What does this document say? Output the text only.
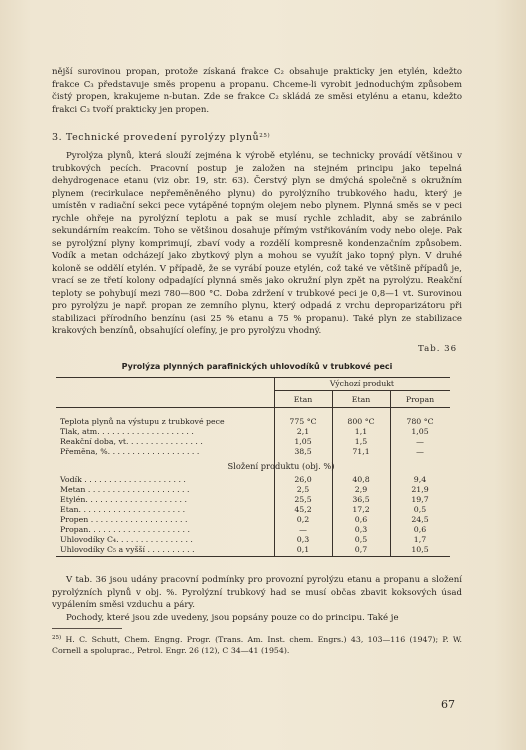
nější surovinou propan, protože získaná frakce C₂ obsahuje prakticky jen etylén, kdežto frakce C₃ představuje směs propenu a propanu. Chceme-li vyrobit jednoduchým způsobem čistý propen, krakujeme n-butan. Zde se frakce C₂ skládá ze směsi etylénu a etanu, kdežto frakci C₃ tvoří prakticky jen propen.

3. Technické provedení pyrolýzy plynů$^{25)}$

Pyrolýza plynů, která slouží zejména k výrobě etylénu, se technicky provádí většinou v trubkových pecích. Pracovní postup je založen na stejném principu jako tepelná dehydrogenace etanu (viz obr. 19, str. 63). Čerstvý plyn se dmýchá společně s okružním plynem (recirkulace nepřeměněného plynu) do pyrolýzního trubkového hadu, který je umístěn v radiační sekci pece vytápěné topným olejem nebo plynem. Plynná směs se v peci rychle ohřeje na pyrolýzní teplotu a pak se musí rychle zchladit, aby se zabránilo sekundárním reakcím. Toho se většinou dosahuje přímým vstřikováním vody nebo oleje. Pak se pyrolýzní plyny komprimují, zbaví vody a rozdělí kompresně kondenzačním způsobem. Vodík a metan odcházejí jako zbytkový plyn a mohou se využít jako topný plyn. V druhé koloně se oddělí etylén. V případě, že se vyrábí pouze etylén, což také ve většině případů je, vrací se ze třetí kolony odpadající plynná směs jako okružní plyn zpět na pyrolýzu. Reakční teploty se pohybují mezi 780—800 °C. Doba zdržení v trubkové peci je 0,8—1 vt. Surovinou pro pyrolýzu je např. propan ze zemního plynu, který odpadá z vrchu deproparizátoru při stabilizaci přírodního benzínu (asi 25 % etanu a 75 % propanu). Také plyn ze stabilizace krakových benzínů, obsahující olefíny, je pro pyrolýzu vhodný.

Tab. 36
Pyrolýza plynných parafinických uhlovodíků v trubkové peci
Výchozí produkt
Etan	Etan	Propan
Teplota plynů na výstupu z trubkové pece	775 °C	800 °C	780 °C
Tlak, atm. . . . . . . . . . . . . . . . . . . .	2,1	1,1	1,05
Reakční doba, vt. . . . . . . . . . . . . . . .	1,05	1,5	—
Přeměna, %. . . . . . . . . . . . . . . . . . .	38,5	71,1	—
Složení produktu (obj. %)
Vodík . . . . . . . . . . . . . . . . . . . . .	26,0	40,8	9,4
Metan . . . . . . . . . . . . . . . . . . . . .	2,5	2,9	21,9
Etylén. . . . . . . . . . . . . . . . . . . . .	25,5	36,5	19,7
Etan. . . . . . . . . . . . . . . . . . . . . .	45,2	17,2	0,5
Propen . . . . . . . . . . . . . . . . . . . .	0,2	0,6	24,5
Propan. . . . . . . . . . . . . . . . . . . . .	—	0,3	0,6
Uhlovodíky C₄. . . . . . . . . . . . . . . .	0,3	0,5	1,7
Uhlovodíky C₅ a vyšší . . . . . . . . . .	0,1	0,7	10,5

V tab. 36 jsou udány pracovní podmínky pro provozní pyrolýzu etanu a propanu a složení pyrolýzních plynů v obj. %. Pyrolýzní trubkový had se musí občas zbavit koksových úsad vypálením směsi vzduchu a páry.

Pochody, které jsou zde uvedeny, jsou popsány pouze co do principu. Také je

$^{25)}$ H. C. Schutt, Chem. Engng. Progr. (Trans. Am. Inst. chem. Engrs.) 43, 103—116 (1947); P. W. Cornell a spoluprac., Petrol. Engr. 26 (12), C 34—41 (1954).
67
